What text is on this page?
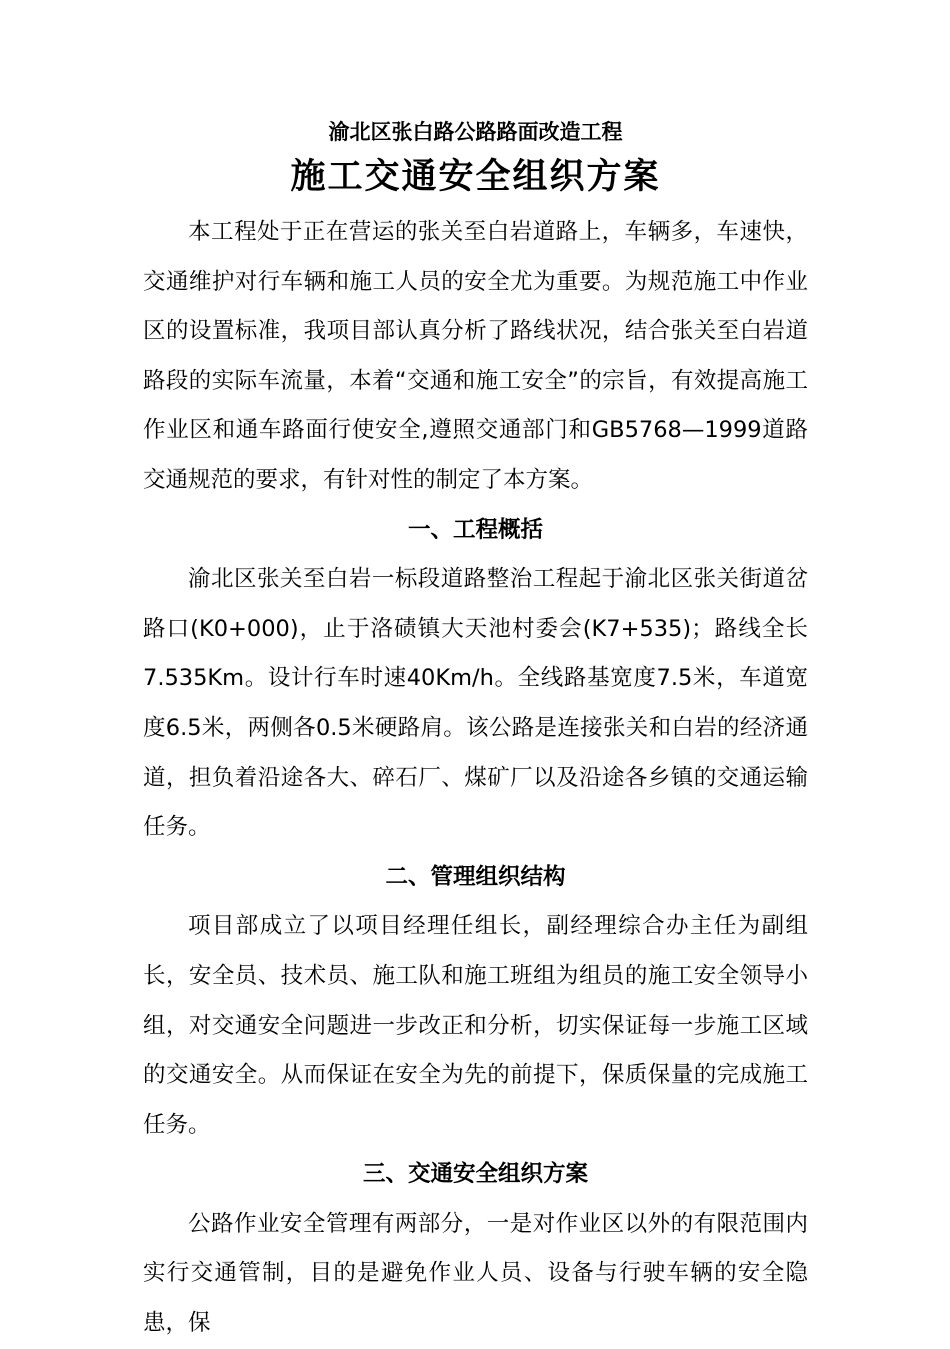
渝北区张白路公路路面改造工程
施工交通安全组织方案

本工程处于正在营运的张关至白岩道路上，车辆多，车速快，交通维护对行车辆和施工人员的安全尤为重要。为规范施工中作业区的设置标准，我项目部认真分析了路线状况，结合张关至白岩道路段的实际车流量，本着“交通和施工安全”的宗旨，有效提高施工作业区和通车路面行使安全,遵照交通部门和GB5768—1999道路交通规范的要求，有针对性的制定了本方案。

一、工程概括

渝北区张关至白岩一标段道路整治工程起于渝北区张关街道岔路口(K0+000)，止于洛碛镇大天池村委会(K7+535)；路线全长7.535Km。设计行车时速40Km/h。全线路基宽度7.5米，车道宽度6.5米，两侧各0.5米硬路肩。该公路是连接张关和白岩的经济通道，担负着沿途各大、碎石厂、煤矿厂以及沿途各乡镇的交通运输任务。

二、管理组织结构

项目部成立了以项目经理任组长，副经理综合办主任为副组长，安全员、技术员、施工队和施工班组为组员的施工安全领导小组，对交通安全问题进一步改正和分析，切实保证每一步施工区域的交通安全。从而保证在安全为先的前提下，保质保量的完成施工任务。

三、交通安全组织方案

公路作业安全管理有两部分，一是对作业区以外的有限范围内实行交通管制，目的是避免作业人员、设备与行驶车辆的安全隐患，保
